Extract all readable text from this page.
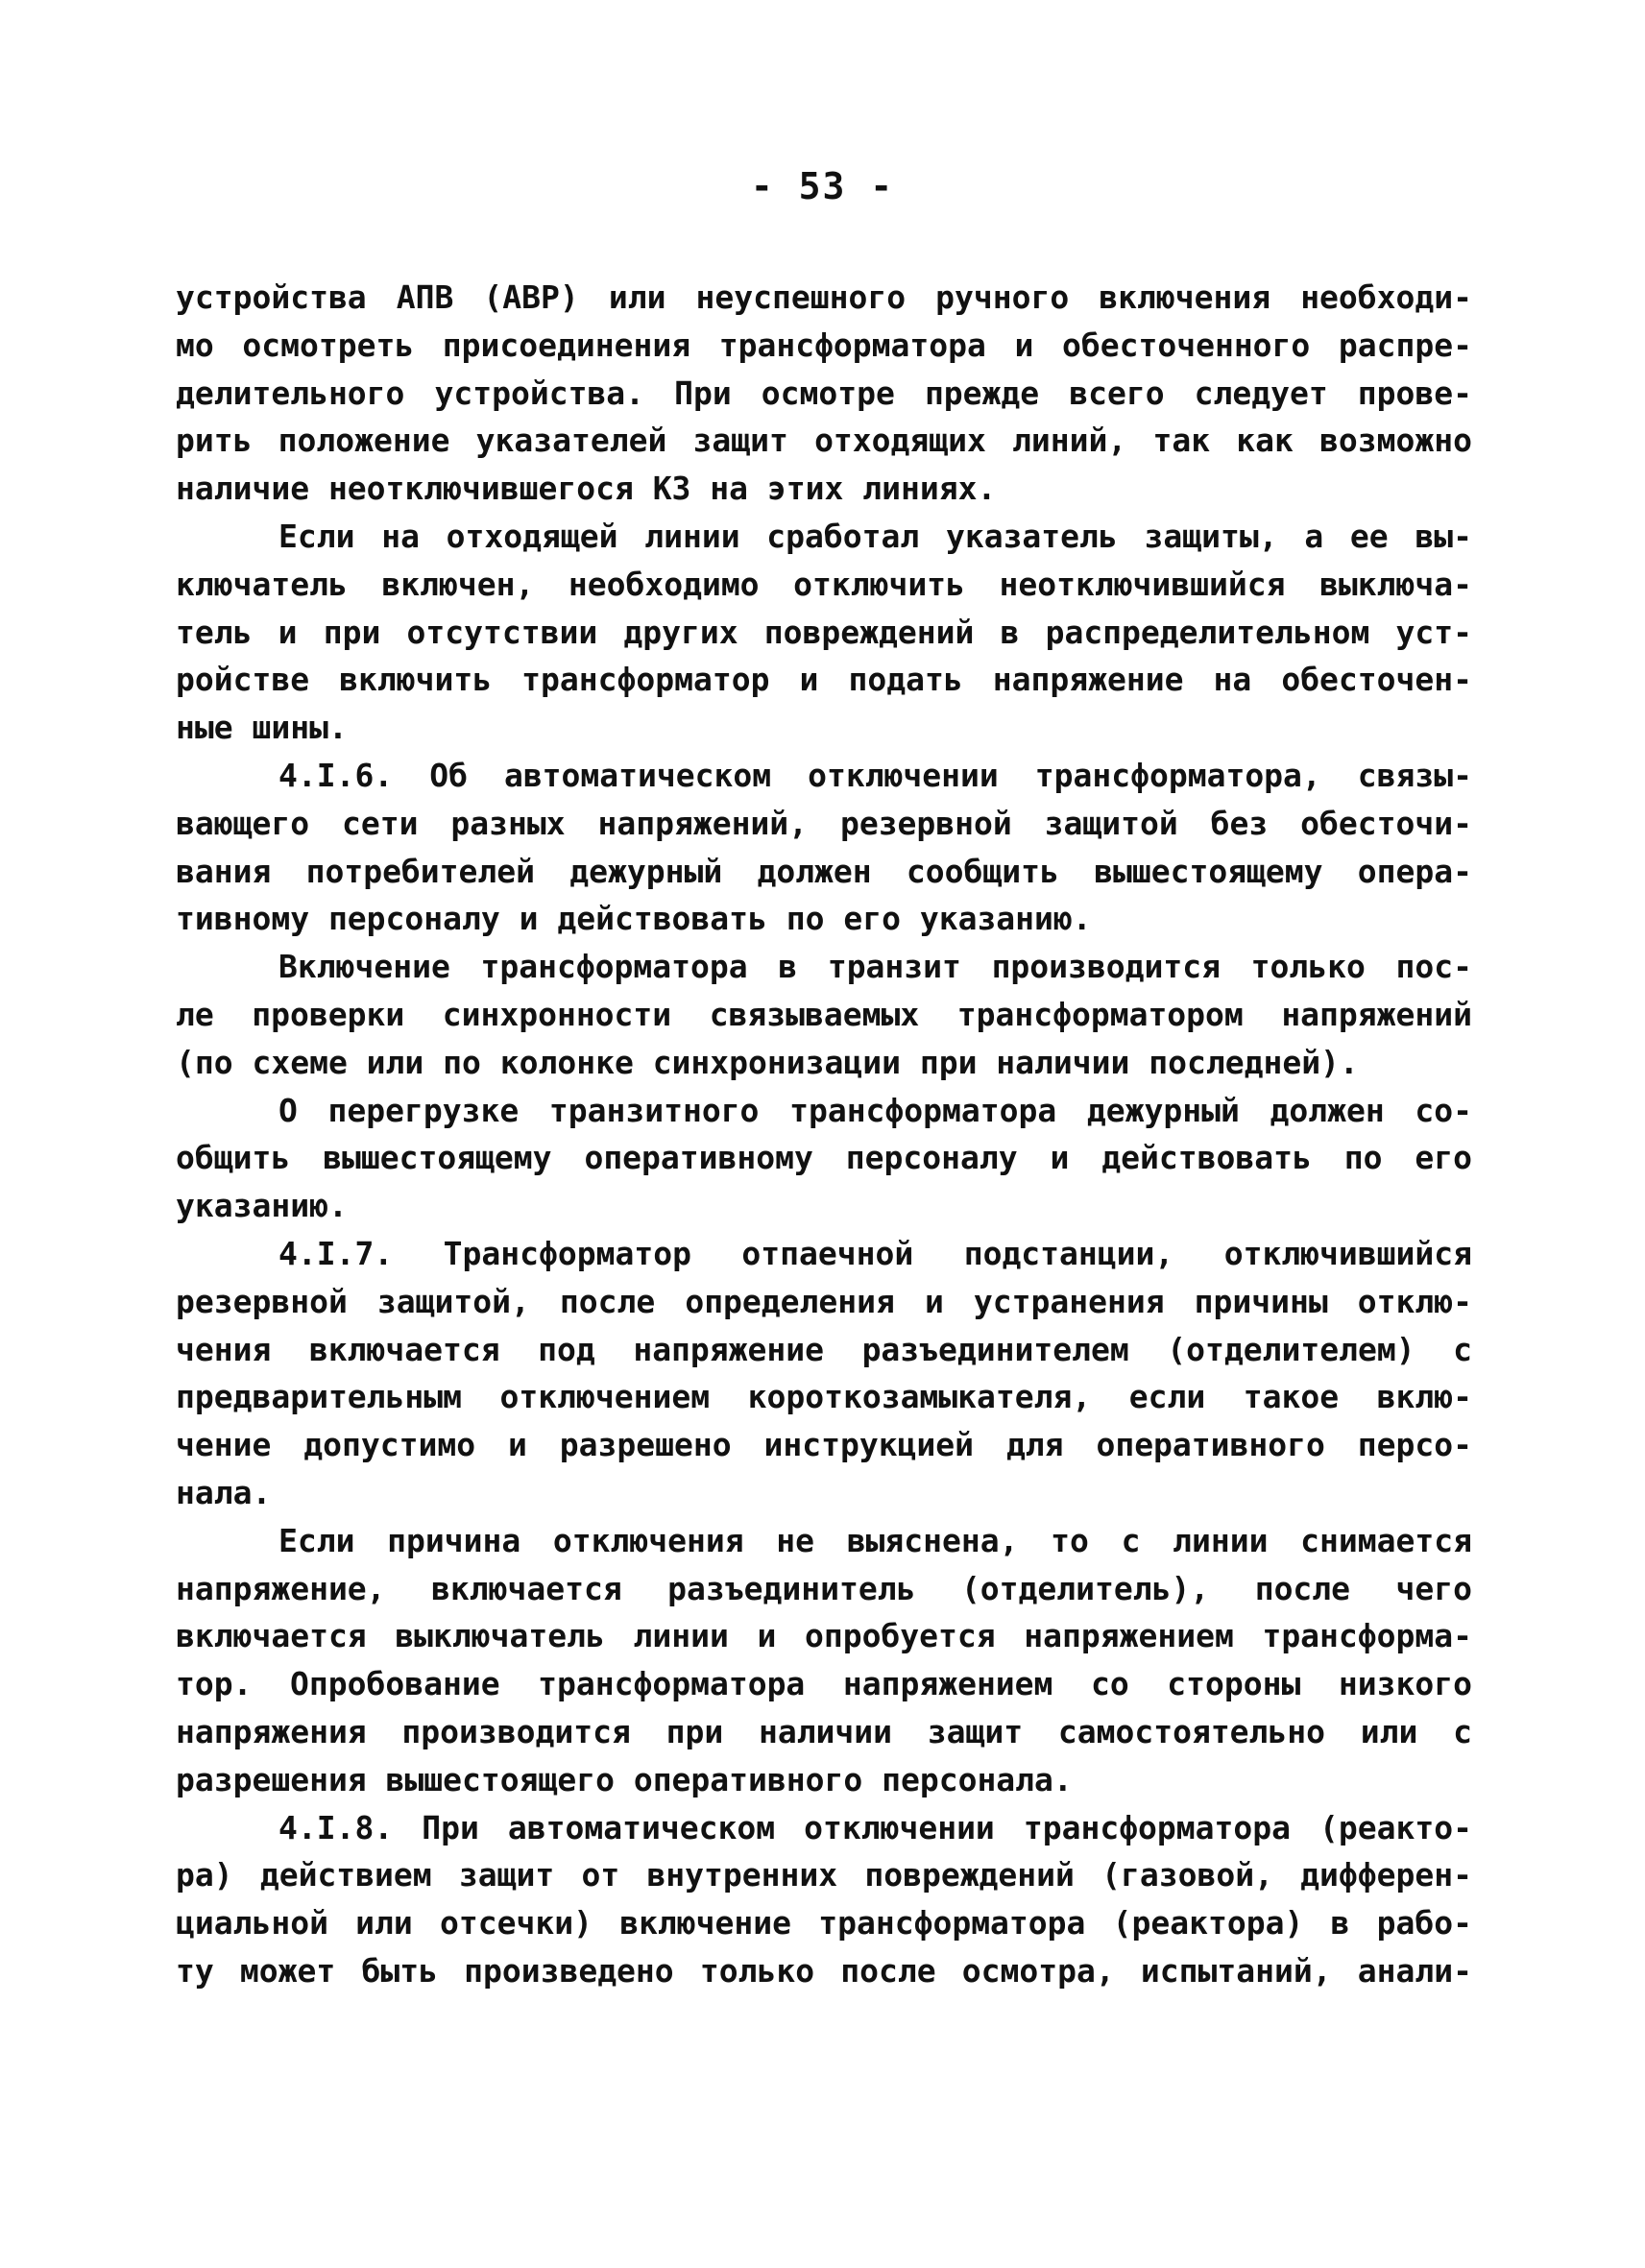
- 53 -
устройства АПВ (АВР) или неуспешного ручного включения необходи-
мо осмотреть присоединения трансформатора и обесточенного распре-
делительного устройства. При осмотре прежде всего следует прове-
рить положение указателей защит отходящих линий, так как возможно
наличие неотключившегося КЗ на этих линиях.
Если на отходящей линии сработал указатель защиты, а ее вы-
ключатель включен, необходимо отключить неотключившийся выключа-
тель и при отсутствии других повреждений в распределительном уст-
ройстве включить трансформатор и подать напряжение на обесточен-
ные шины.
4.I.6. Об автоматическом отключении трансформатора, связы-
вающего сети разных напряжений, резервной защитой без обесточи-
вания потребителей дежурный должен сообщить вышестоящему опера-
тивному персоналу и действовать по его указанию.
Включение трансформатора в транзит производится только пос-
ле проверки синхронности связываемых трансформатором напряжений
(по схеме или по колонке синхронизации при наличии последней).
О перегрузке транзитного трансформатора дежурный должен со-
общить вышестоящему оперативному персоналу и действовать по его
указанию.
4.I.7. Трансформатор отпаечной подстанции, отключившийся
резервной защитой, после определения и устранения причины отклю-
чения включается под напряжение разъединителем (отделителем) с
предварительным отключением короткозамыкателя, если такое вклю-
чение допустимо и разрешено инструкцией для оперативного персо-
нала.
Если причина отключения не выяснена, то с линии снимается
напряжение, включается разъединитель (отделитель), после чего
включается выключатель линии и опробуется напряжением трансформа-
тор. Опробование трансформатора напряжением со стороны низкого
напряжения производится при наличии защит самостоятельно или с
разрешения вышестоящего оперативного персонала.
4.I.8. При автоматическом отключении трансформатора (реакто-
ра) действием защит от внутренних повреждений (газовой, дифферен-
циальной или отсечки) включение трансформатора (реактора) в рабо-
ту может быть произведено только после осмотра, испытаний, анали-
